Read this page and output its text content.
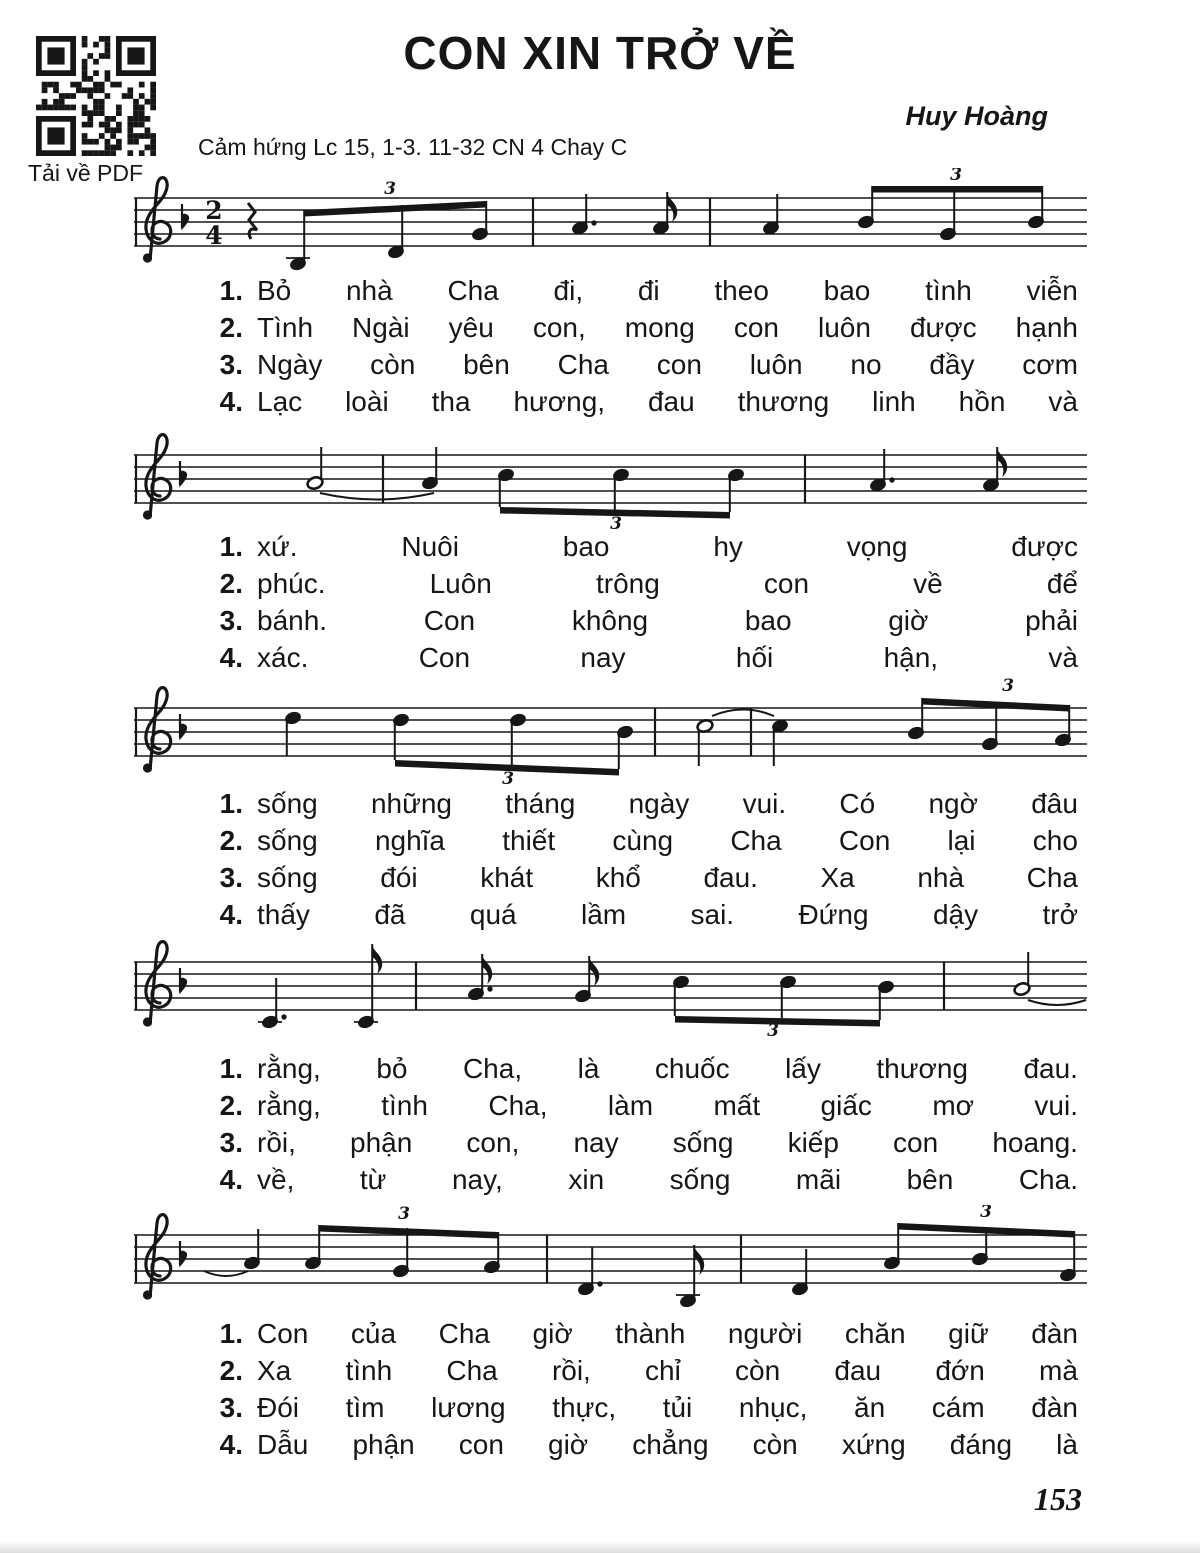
Tải về PDF
CON XIN TRỞ VỀ
Huy Hoàng
Cảm hứng Lc 15, 1-3. 11-32 CN 4 Chay C
2
4
3
3
3
3
3
3
3	3
1. Bỏ nhà Cha đi, đi theo bao tình viễn
2. Tình Ngài yêu con, mong con luôn được hạnh
3. Ngày còn bên Cha con luôn no đầy cơm
4. Lạc loài tha hương, đau thương linh hồn và
1. xứ.	Nuôi	bao	hy	vọng	được
2. phúc.	Luôn	trông	con	về	để
3. bánh.	Con	không	bao	giờ	phải
4. xác.	Con	nay	hối	hận,	và
1. sống những tháng ngày vui. Có ngờ đâu
2. sống nghĩa thiết cùng Cha Con lại cho
3. sống đói khát khổ đau. Xa nhà Cha
4. thấy đã quá lầm sai. Đứng dậy trở
1. rằng, bỏ Cha, là chuốc lấy thương đau.
2. rằng, tình Cha, làm mất giấc mơ vui.
3. rồi, phận con, nay sống kiếp con hoang.
4. về, từ nay, xin sống mãi bên Cha.
1. Con của Cha giờ thành người chăn giữ đàn
2. Xa tình Cha rồi, chỉ còn đau đớn mà
3. Đói tìm lương thực, tủi nhục, ăn cám đàn
4. Dẫu phận con giờ chẳng còn xứng đáng là
153
